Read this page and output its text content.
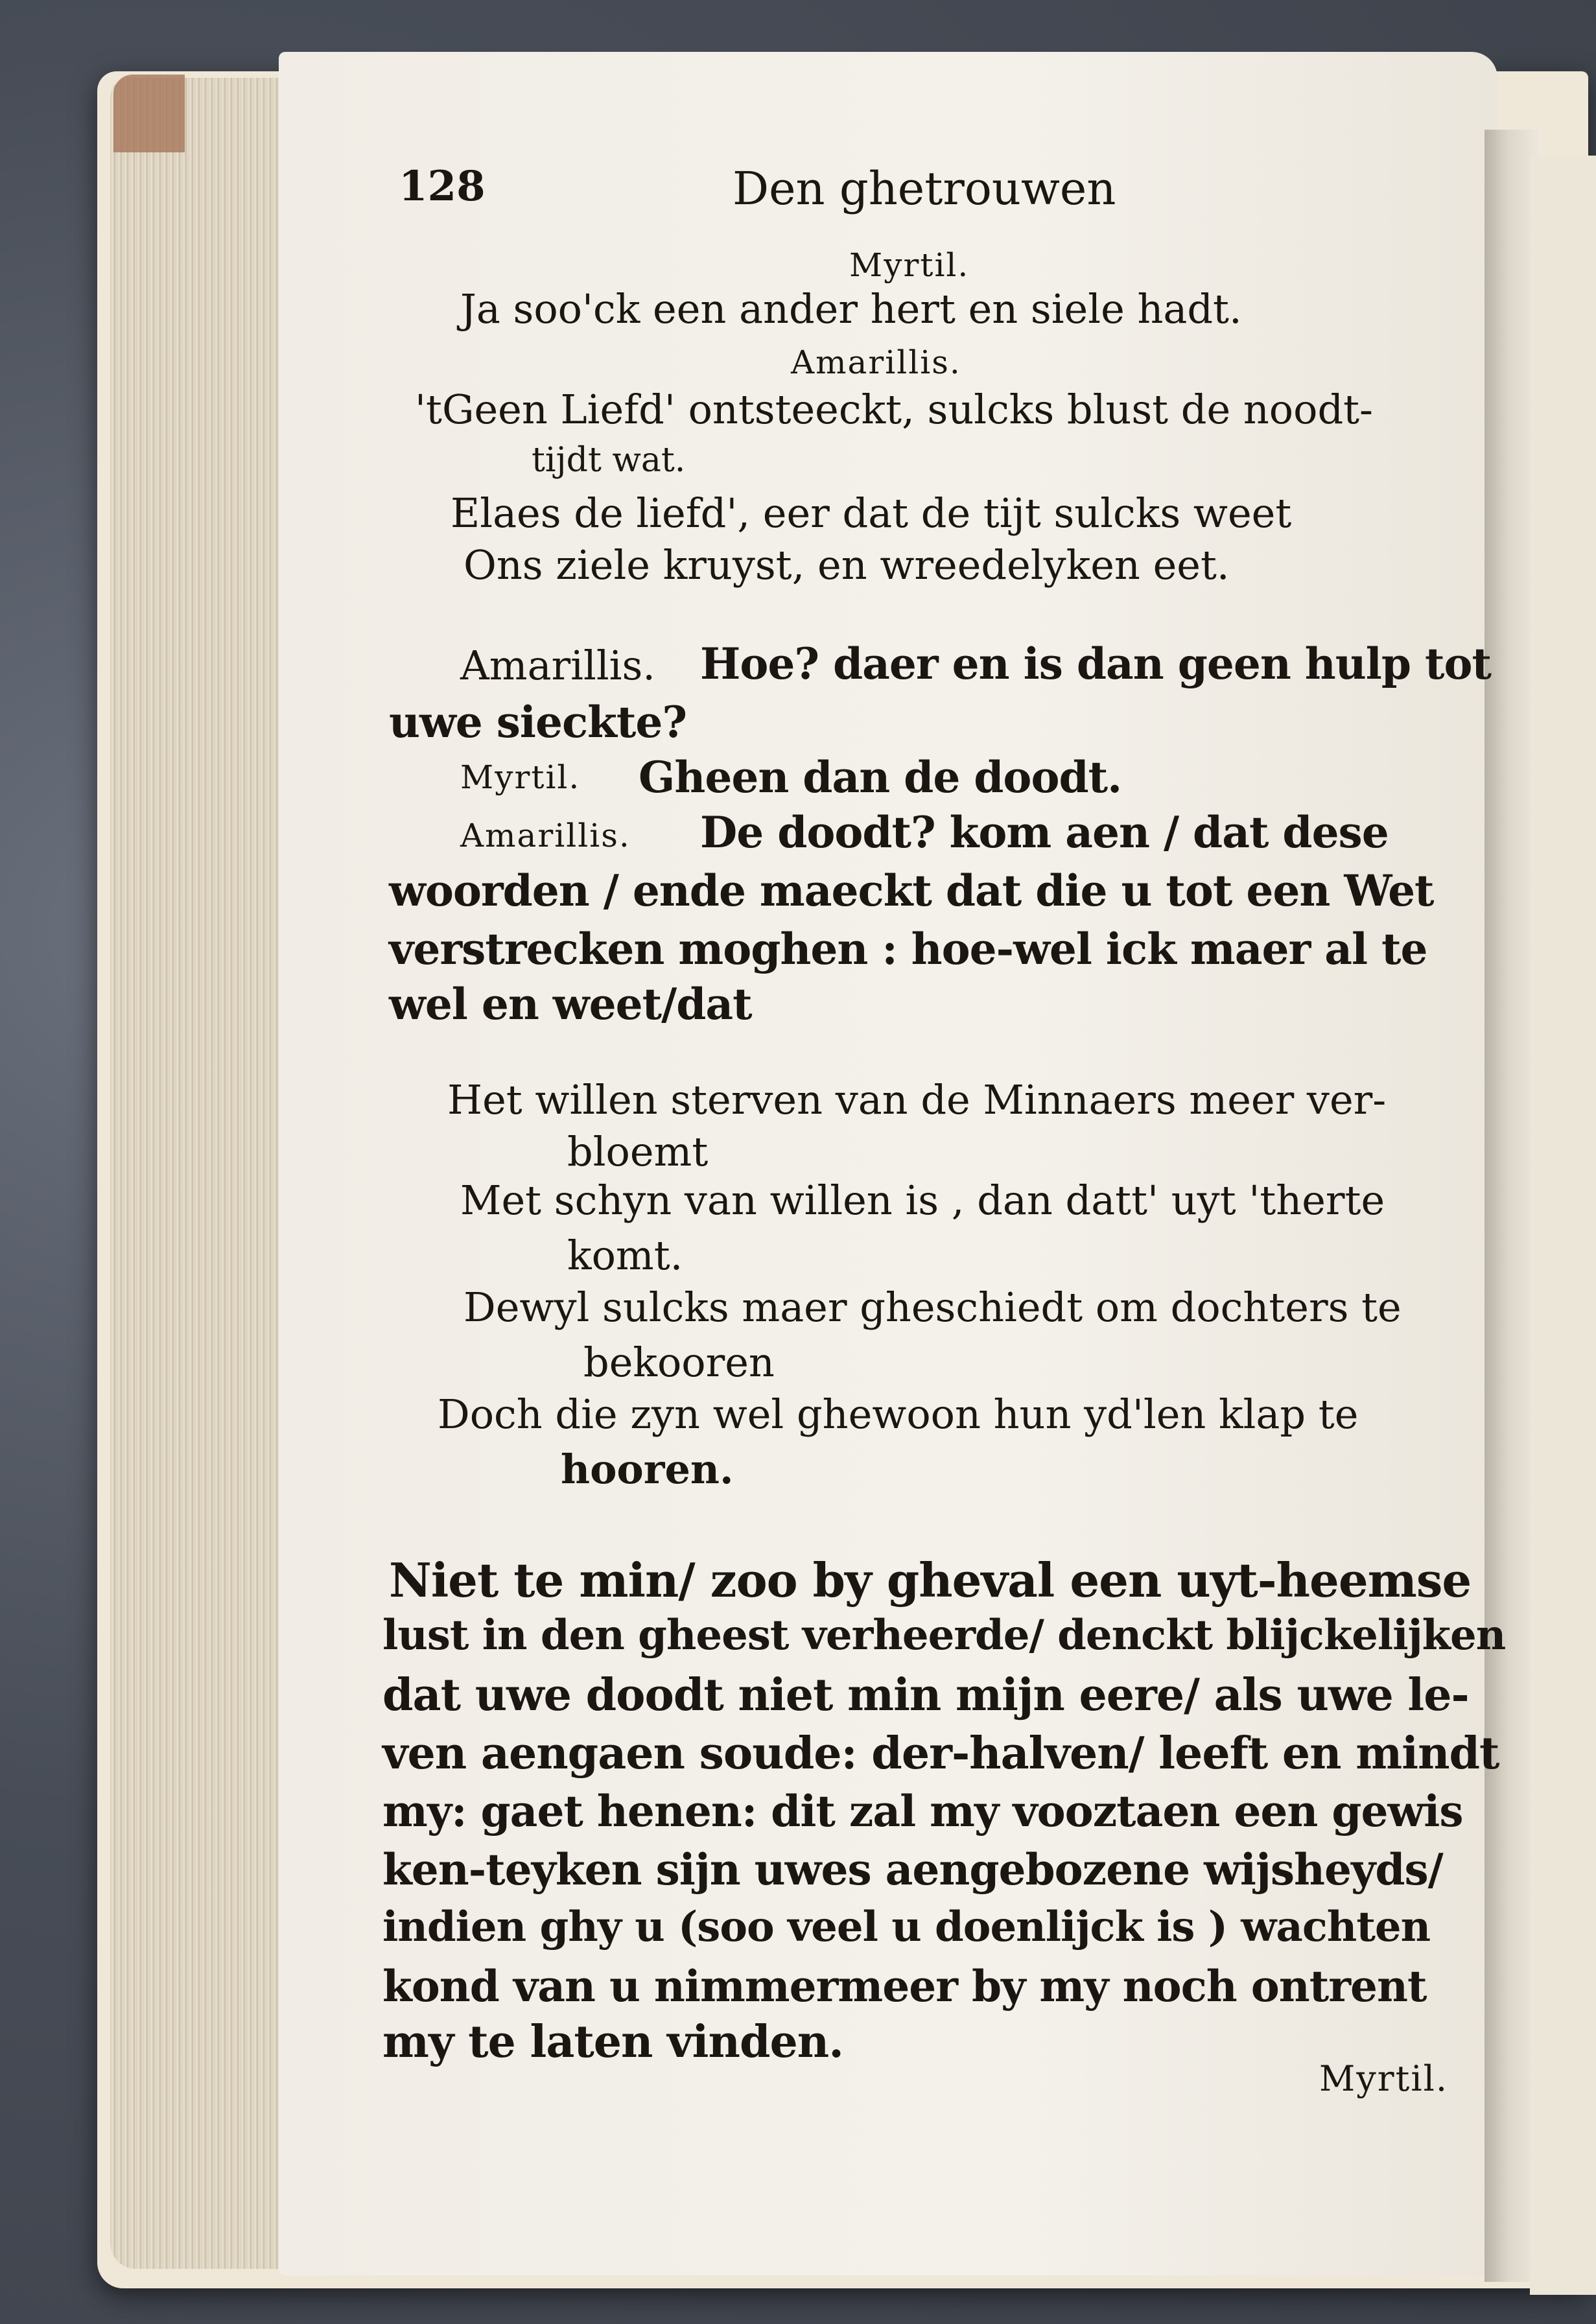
128	Den ghetrouwen
Myrtil.
Ja soo'ck een ander hert en siele hadt.
Amarillis.
'tGeen Liefd' ontsteeckt, sulcks blust de noodt-
tijdt wat.
Elaes de liefd', eer dat de tijt sulcks weet
Ons ziele kruyst, en wreedelyken eet.
Amarillis. Hoe? daer en is dan geen hulp tot
uwe sieckte?
Myrtil. Gheen dan de doodt.
Amarillis. De doodt? kom aen / dat dese
woorden / ende maeckt dat die u tot een Wet
verstrecken moghen : hoe-wel ick maer al te
wel en weet/dat
Het willen sterven van de Minnaers meer ver-
bloemt
Met schyn van willen is , dan datt' uyt 'therte
komt.
Dewyl sulcks maer gheschiedt om dochters te
bekooren
Doch die zyn wel ghewoon hun yd'len klap te
hooren.
Niet te min/ zoo by gheval een uyt-heemse
lust in den gheest verheerde/ denckt blijckelijken
dat uwe doodt niet min mijn eere/ als uwe le-
ven aengaen soude: der-halven/ leeft en mindt
my: gaet henen: dit zal my vooztaen een gewis
ken-teyken sijn uwes aengebozene wijsheyds/
indien ghy u (soo veel u doenlijck is ) wachten
kond van u nimmermeer by my noch ontrent
my te laten vinden.
Myrtil.
